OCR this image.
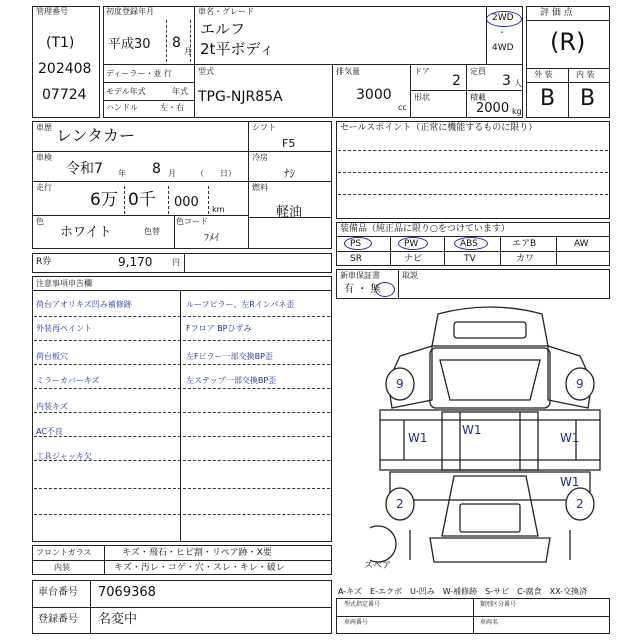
管理番号
(T1)
202408
07724
初度登録年月
平成30 8
月
ディーラー・並 行
モデル年式	年式
ハンドル	左・右
車名・グレード
エルフ
2t平ボディ
2WD
・
4WD
型式
TPG-NJR85A
排気量
3000
cc
ドア
2
形状
定員
3 人
積載
2000 kg
評 価 点
(R)
外 装	内 装
B B
車歴 レンタカー
車検
令和7 年 8 月	（　　日）
走行
6万 0千 000 km
色
ホワイト	色替
色コード
ﾌﾒｲ
シフト
F5
冷房
ﾅｼ
燃料
軽油
セールスポイント（正常に機能するものに限り）
装備品（純正品に限り○をつけています）
PS	PW	ABS	エアB	AW
SR	ナビ	TV	カワ
新車保証書
有 ・ 無
取説
R券	9,170 円
注意事項申告欄
荷台アオリキズ凹み補修跡
外装再ペイント
荷台板穴
ミラーカバーキズ
内装キズ
AC不良
工具ジャッキ欠
ルーフピラー、左Rインパネ歪
Fフロア BPひずみ
左Fビラー一部交換BP歪
左ステップ一部交換BP歪
フロントガラス	キズ・飛石・ヒビ割・リペア跡・X要
内装	キズ・汚レ・コゲ・穴・スレ・キレ・破レ
車台番号 7069368
登録番号 名変中
9	9
W1
W1
W1
W1
2	2
スペア
A-キズ　E-エクボ　U-凹み　W-補修跡　S-サビ　C-腐食　XX-交換済
型式指定番号	類別区分番号
車両番号	車両名
